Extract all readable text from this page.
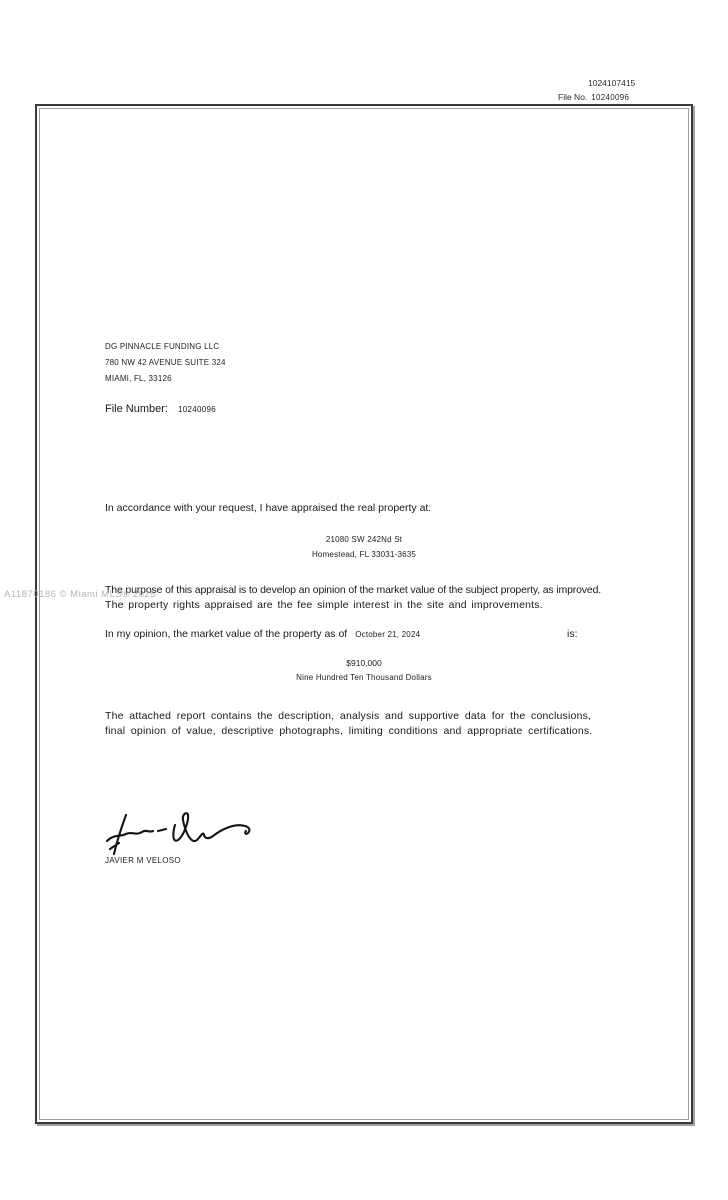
1024107415
File No. 10240096
DG PINNACLE FUNDING LLC
780 NW 42 AVENUE SUITE 324
MIAMI, FL, 33126
File Number: 10240096
In accordance with your request, I have appraised the real property at:
21080 SW 242Nd St
Homestead, FL 33031-3635
The purpose of this appraisal is to develop an opinion of the market value of the subject property, as improved.
The property rights appraised are the fee simple interest in the site and improvements.
In my opinion, the market value of the property as of October 21, 2024	is:
$910,000
Nine Hundred Ten Thousand Dollars
The attached report contains the description, analysis and supportive data for the conclusions,
final opinion of value, descriptive photographs, limiting conditions and appropriate certifications.
JAVIER M VELOSO
A11870186 © Miami MLS® 2025
